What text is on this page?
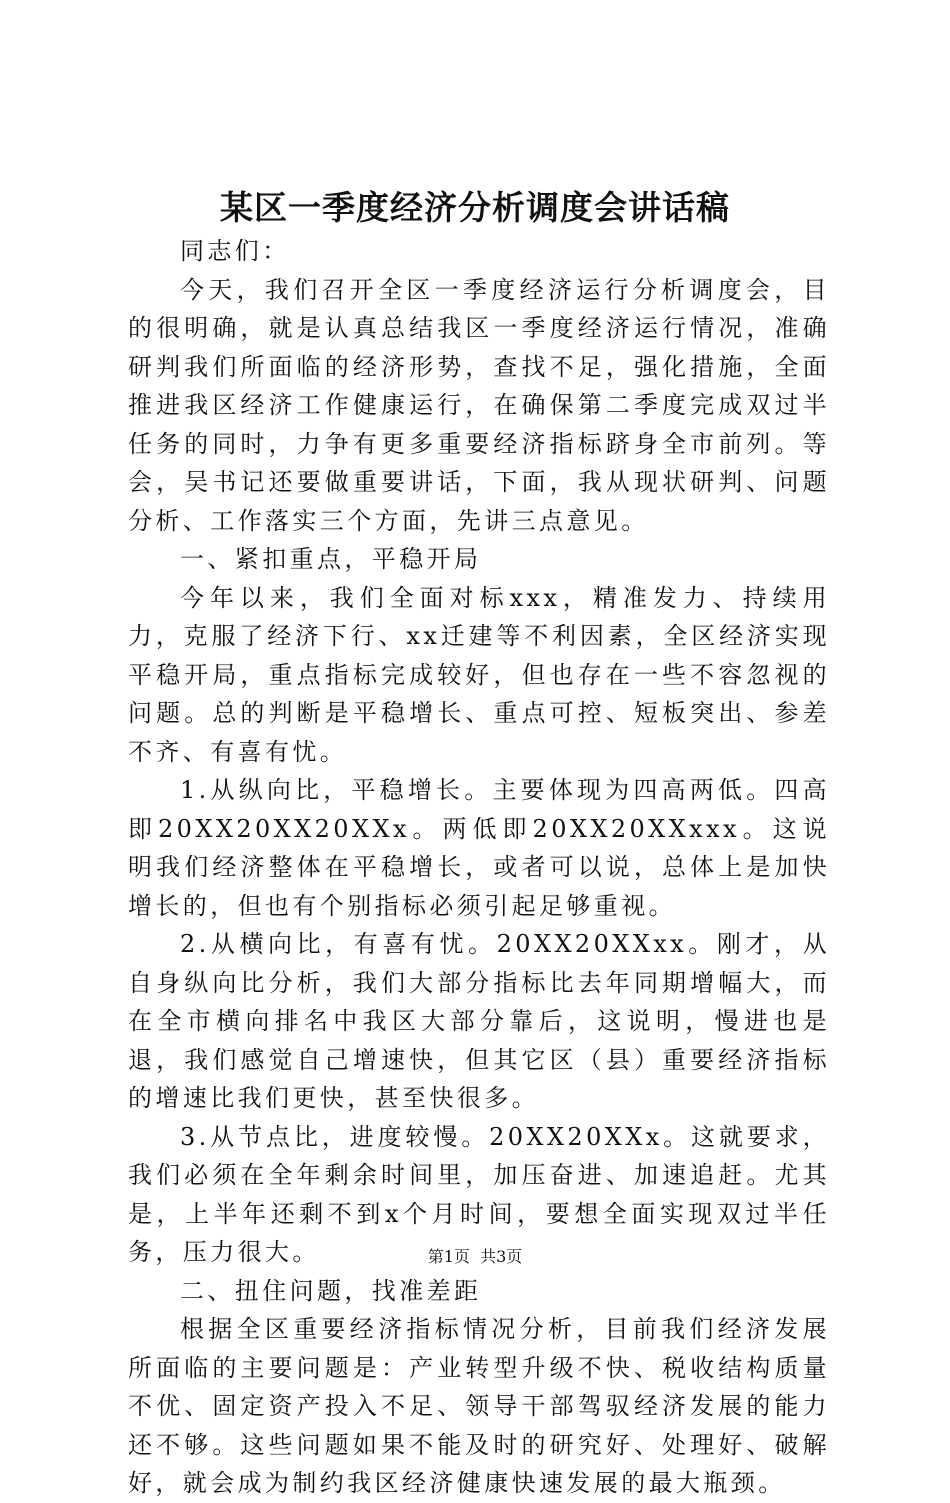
某区一季度经济分析调度会讲话稿

同志们：

今天，我们召开全区一季度经济运行分析调度会，目的很明确，就是认真总结我区一季度经济运行情况，准确研判我们所面临的经济形势，查找不足，强化措施，全面推进我区经济工作健康运行，在确保第二季度完成双过半任务的同时，力争有更多重要经济指标跻身全市前列。等会，吴书记还要做重要讲话，下面，我从现状研判、问题分析、工作落实三个方面，先讲三点意见。

一、紧扣重点，平稳开局

今年以来，我们全面对标xxx，精准发力、持续用力，克服了经济下行、xx迁建等不利因素，全区经济实现平稳开局，重点指标完成较好，但也存在一些不容忽视的问题。总的判断是平稳增长、重点可控、短板突出、参差不齐、有喜有忧。

1.从纵向比，平稳增长。主要体现为四高两低。四高即20XX20XX20XXx。两低即20XX20XXxxx。这说明我们经济整体在平稳增长，或者可以说，总体上是加快增长的，但也有个别指标必须引起足够重视。

2.从横向比，有喜有忧。20XX20XXxx。刚才，从自身纵向比分析，我们大部分指标比去年同期增幅大，而在全市横向排名中我区大部分靠后，这说明，慢进也是退，我们感觉自己增速快，但其它区（县）重要经济指标的增速比我们更快，甚至快很多。

3.从节点比，进度较慢。20XX20XXx。这就要求，我们必须在全年剩余时间里，加压奋进、加速追赶。尤其是，上半年还剩不到x个月时间，要想全面实现双过半任务，压力很大。

二、扭住问题，找准差距

根据全区重要经济指标情况分析，目前我们经济发展所面临的主要问题是：产业转型升级不快、税收结构质量不优、固定资产投入不足、领导干部驾驭经济发展的能力还不够。这些问题如果不能及时的研究好、处理好、破解好，就会成为制约我区经济健康快速发展的最大瓶颈。

第1页  共3页
